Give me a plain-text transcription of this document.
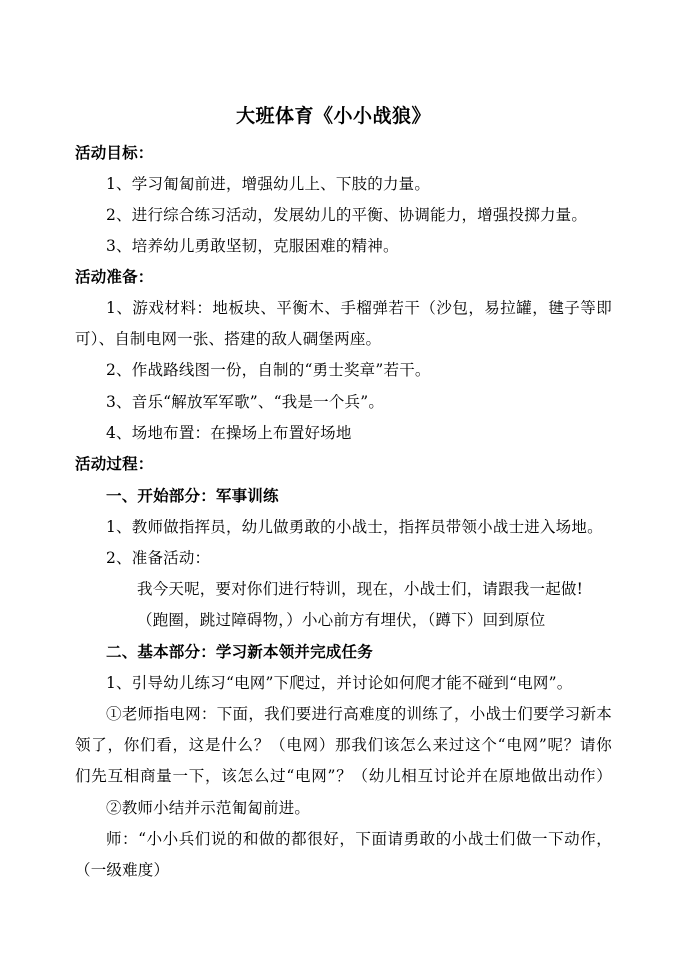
大班体育《小小战狼》
活动目标：
1、学习匍匐前进，增强幼儿上、下肢的力量。
2、进行综合练习活动，发展幼儿的平衡、协调能力，增强投掷力量。
3、培养幼儿勇敢坚韧，克服困难的精神。
活动准备：
1、游戏材料：地板块、平衡木、手榴弹若干（沙包，易拉罐，毽子等即
可）、自制电网一张、搭建的敌人碉堡两座。
2、作战路线图一份，自制的“勇士奖章”若干。
3、音乐“解放军军歌”、“我是一个兵”。
4、场地布置：在操场上布置好场地
活动过程：
一、开始部分：军事训练
1、教师做指挥员，幼儿做勇敢的小战士，指挥员带领小战士进入场地。
2、准备活动：
我今天呢，要对你们进行特训，现在，小战士们，请跟我一起做!
（跑圈，跳过障碍物，）小心前方有埋伏，（蹲下）回到原位
二、基本部分：学习新本领并完成任务
1、引导幼儿练习“电网”下爬过，并讨论如何爬才能不碰到“电网”。
①老师指电网：下面，我们要进行高难度的训练了，小战士们要学习新本
领了，你们看，这是什么？（电网）那我们该怎么来过这个“电网”呢？请你
们先互相商量一下，该怎么过“电网”？（幼儿相互讨论并在原地做出动作）
②教师小结并示范匍匐前进。
师：“小小兵们说的和做的都很好，下面请勇敢的小战士们做一下动作，
（一级难度）
